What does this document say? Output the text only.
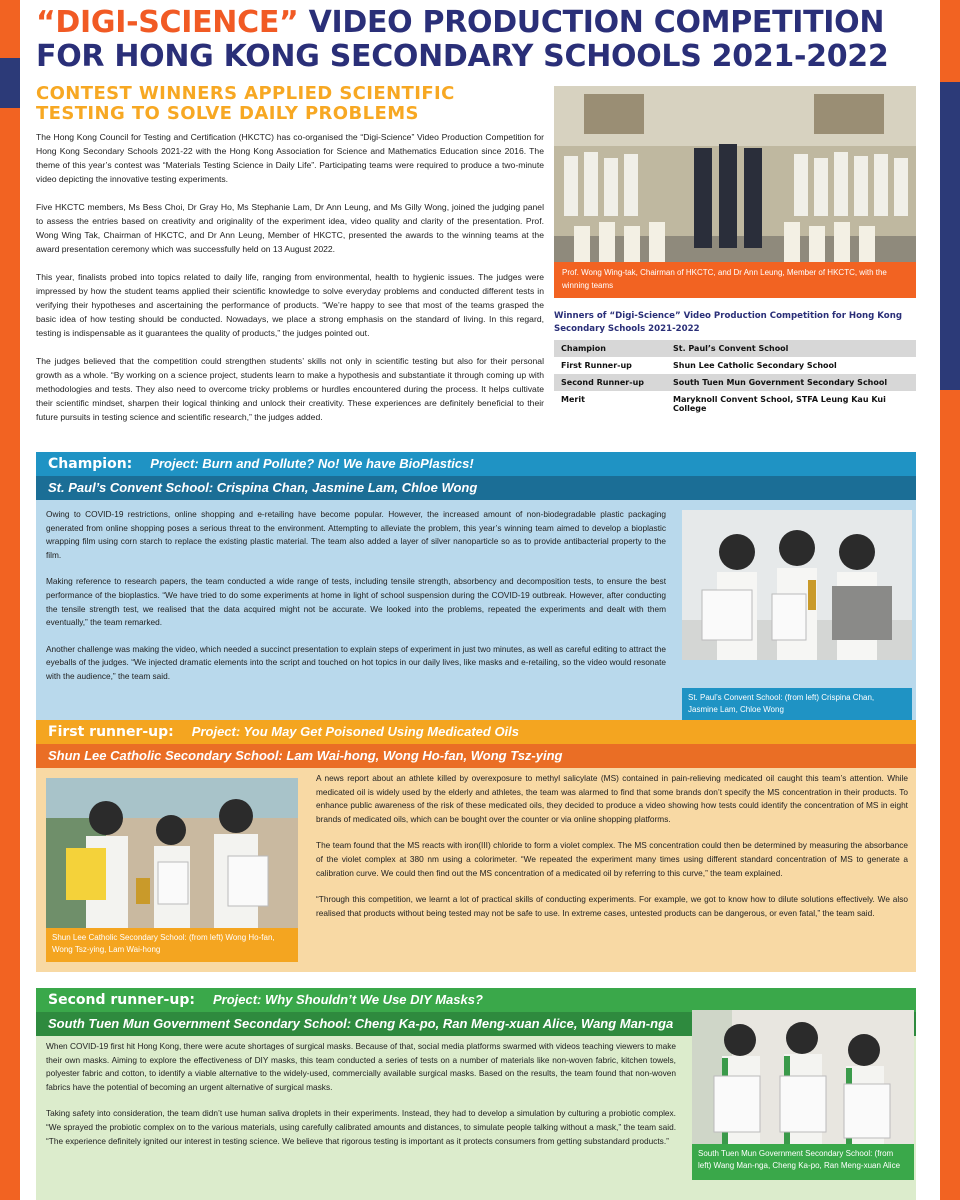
“DIGI-SCIENCE” VIDEO PRODUCTION COMPETITION FOR HONG KONG SECONDARY SCHOOLS 2021-2022
CONTEST WINNERS APPLIED SCIENTIFIC
TESTING TO SOLVE DAILY PROBLEMS

The Hong Kong Council for Testing and Certification (HKCTC) has co-organised the “Digi-Science” Video Production Competition for Hong Kong Secondary Schools 2021-22 with the Hong Kong Association for Science and Mathematics Education since 2016. The theme of this year’s contest was “Materials Testing Science in Daily Life”. Participating teams were required to produce a two-minute video depicting the innovative testing experiments.

Five HKCTC members, Ms Bess Choi, Dr Gray Ho, Ms Stephanie Lam, Dr Ann Leung, and Ms Gilly Wong, joined the judging panel to assess the entries based on creativity and originality of the experiment idea, video quality and clarity of the presentation. Prof. Wong Wing Tak, Chairman of HKCTC, and Dr Ann Leung, Member of HKCTC, presented the awards to the winning teams at the award presentation ceremony which was successfully held on 13 August 2022.

This year, finalists probed into topics related to daily life, ranging from environmental, health to hygienic issues. The judges were impressed by how the student teams applied their scientific knowledge to solve everyday problems and conducted different tests in verifying their hypotheses and ascertaining the performance of products. “We’re happy to see that most of the teams grasped the basic idea of how testing should be conducted. Nowadays, we place a strong emphasis on the standard of living. In this regard, testing is indispensable as it guarantees the quality of products,” the judges pointed out.

The judges believed that the competition could strengthen students’ skills not only in scientific testing but also for their personal growth as a whole. “By working on a science project, students learn to make a hypothesis and substantiate it through coming up with methodologies and tests. They also need to overcome tricky problems or hurdles encountered during the process. It helps cultivate their scientific mindset, sharpen their logical thinking and unlock their creativity. These experiences are definitely beneficial to their future pursuits in testing science and scientific research,” the judges added.

Prof. Wong Wing-tak, Chairman of HKCTC, and Dr Ann Leung, Member of HKCTC, with the winning teams
Winners of “Digi-Science” Video Production Competition for Hong Kong Secondary Schools 2021-2022
Champion	St. Paul’s Convent School
First Runner-up	Shun Lee Catholic Secondary School
Second Runner-up	South Tuen Mun Government Secondary School
Merit	Maryknoll Convent School, STFA Leung Kau Kui College
Champion: Project: Burn and Pollute? No! We have BioPlastics!
St. Paul’s Convent School: Crispina Chan, Jasmine Lam, Chloe Wong

Owing to COVID-19 restrictions, online shopping and e-retailing have become popular. However, the increased amount of non-biodegradable plastic packaging generated from online shopping poses a serious threat to the environment. Attempting to alleviate the problem, this year’s winning team aimed to develop a bioplastic wrapping film using corn starch to replace the existing plastic material. The team also added a layer of silver nanoparticle so as to provide antibacterial property to the film.

Making reference to research papers, the team conducted a wide range of tests, including tensile strength, absorbency and decomposition tests, to ensure the best performance of the bioplastics. “We have tried to do some experiments at home in light of school suspension during the COVID-19 outbreak. However, after conducting the tensile strength test, we realised that the data acquired might not be accurate. We looked into the problems, repeated the experiments and dealt with them eventually,” the team remarked.

Another challenge was making the video, which needed a succinct presentation to explain steps of experiment in just two minutes, as well as careful editing to attract the eyeballs of the judges. “We injected dramatic elements into the script and touched on hot topics in our daily lives, like masks and e-retailing, so the video would resonate with the audience,” the team said.

St. Paul’s Convent School: (from left) Crispina Chan, Jasmine Lam, Chloe Wong
First runner-up: Project: You May Get Poisoned Using Medicated Oils
Shun Lee Catholic Secondary School: Lam Wai-hong, Wong Ho-fan, Wong Tsz-ying
Shun Lee Catholic Secondary School: (from left) Wong Ho-fan, Wong Tsz-ying, Lam Wai-hong

A news report about an athlete killed by overexposure to methyl salicylate (MS) contained in pain-relieving medicated oil caught this team’s attention. While medicated oil is widely used by the elderly and athletes, the team was alarmed to find that some brands don’t specify the MS concentration in their products. To enhance public awareness of the risk of these medicated oils, they decided to produce a video showing how tests could identify the concentration of MS in eight brands of medicated oils, which can be bought over the counter or via online shopping platforms.

The team found that the MS reacts with iron(III) chloride to form a violet complex. The MS concentration could then be determined by measuring the absorbance of the violet complex at 380 nm using a colorimeter. “We repeated the experiment many times using different standard concentration of MS to generate a calibration curve. We could then find out the MS concentration of a medicated oil by referring to this curve,” the team explained.

“Through this competition, we learnt a lot of practical skills of conducting experiments. For example, we got to know how to dilute solutions effectively. We also realised that products without being tested may not be safe to use. In extreme cases, untested products can be dangerous, or even fatal,” the team said.

Second runner-up: Project: Why Shouldn’t We Use DIY Masks?
South Tuen Mun Government Secondary School: Cheng Ka-po, Ran Meng-xuan Alice, Wang Man-nga

When COVID-19 first hit Hong Kong, there were acute shortages of surgical masks. Because of that, social media platforms swarmed with videos teaching viewers to make their own masks. Aiming to explore the effectiveness of DIY masks, this team conducted a series of tests on a number of materials like non-woven fabric, kitchen towels, polyester fabric and cotton, to identify a viable alternative to the widely-used, commercially available surgical masks. Based on the results, the team found that non-woven fabrics have the potential of becoming an urgent alternative of surgical masks.

Taking safety into consideration, the team didn’t use human saliva droplets in their experiments. Instead, they had to develop a simulation by culturing a probiotic complex. “We sprayed the probiotic complex on to the various materials, using carefully calibrated amounts and distances, to simulate people talking without a mask,” the team said. “The experience definitely ignited our interest in testing science. We believe that rigorous testing is important as it protects consumers from getting substandard products.”

South Tuen Mun Government Secondary School: (from left) Wang Man-nga, Cheng Ka-po, Ran Meng-xuan Alice
